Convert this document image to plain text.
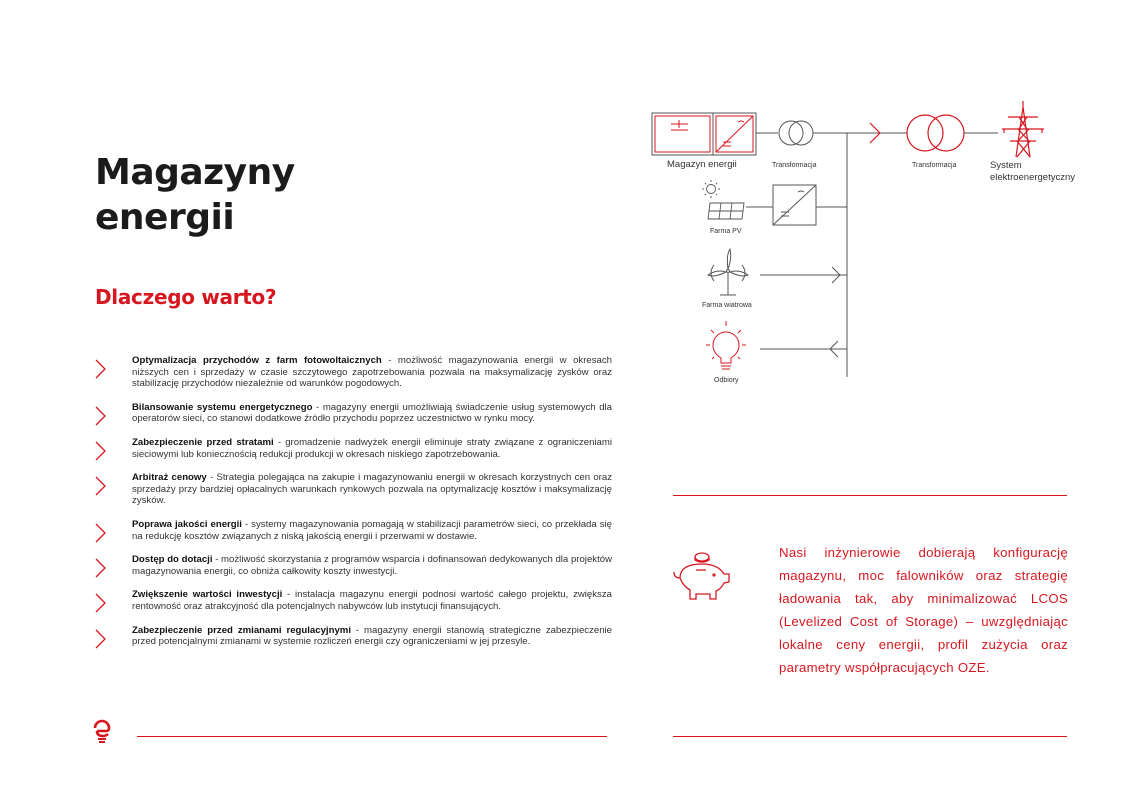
Magazyny
energii
Dlaczego warto?
Optymalizacja przychodów z farm fotowoltaicznych - możliwość magazynowania energii w okresach niższych cen i sprzedaży w czasie szczytowego zapotrzebowania pozwala na maksymalizację zysków oraz stabilizację przychodów niezależnie od warunków pogodowych.
Bilansowanie systemu energetycznego - magazyny energii umożliwiają świadczenie usług systemowych dla operatorów sieci, co stanowi dodatkowe źródło przychodu poprzez uczestnictwo w rynku mocy.
Zabezpieczenie przed stratami - gromadzenie nadwyżek energii eliminuje straty związane z ograniczeniami sieciowymi lub koniecznością redukcji produkcji w okresach niskiego zapotrzebowania.
Arbitraż cenowy - Strategia polegająca na zakupie i magazynowaniu energii w okresach korzystnych cen oraz sprzedaży przy bardziej opłacalnych warunkach rynkowych pozwala na optymalizację kosztów i maksymalizację zysków.
Poprawa jakości energii - systemy magazynowania pomagają w stabilizacji parametrów sieci, co przekłada się na redukcję kosztów związanych z niską jakością energii i przerwami w dostawie.
Dostęp do dotacji - możliwość skorzystania z programów wsparcia i dofinansowań dedykowanych dla projektów magazynowania energii, co obniża całkowity koszty inwestycji.
Zwiększenie wartości inwestycji - instalacja magazynu energii podnosi wartość całego projektu, zwiększa rentowność oraz atrakcyjność dla potencjalnych nabywców lub instytucji finansujących.
Zabezpieczenie przed zmianami regulacyjnymi - magazyny energii stanowią strategiczne zabezpieczenie przed potencjalnymi zmianami w systemie rozliczeń energii czy ograniczeniami w jej przesyle.
Magazyn energii	Transformacja	Transformacja	System
elektroenergetyczny
Farma PV
Farma wiatrowa
Odbiory

Nasi inżynierowie dobierają konfigurację magazynu, moc falowników oraz strategię ładowania tak, aby minimalizować LCOS (Levelized Cost of Storage) – uwzględniając lokalne ceny energii, profil zużycia oraz parametry współpracujących OZE.
